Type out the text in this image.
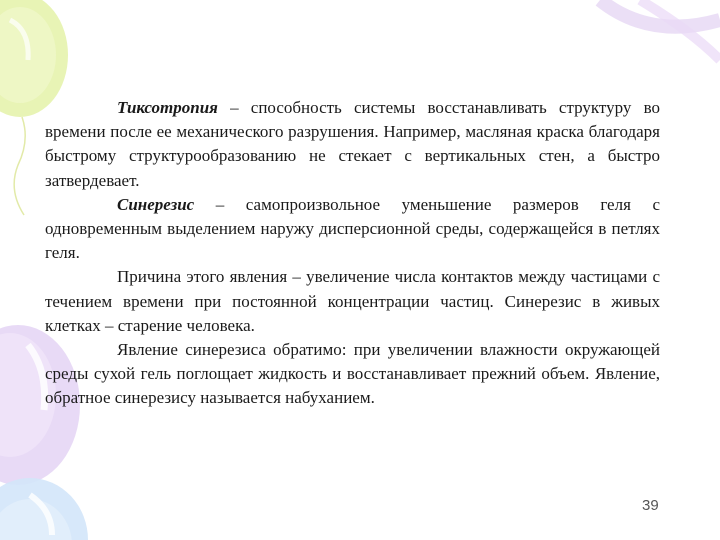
Тиксотропия – способность системы восстанавливать структуру во времени после ее механического разрушения. Например, масляная краска благодаря быстрому структурообразованию не стекает с вертикальных стен, а быстро затвердевает.

Синерезис – самопроизвольное уменьшение размеров геля с одновременным выделением наружу дисперсионной среды, содержащейся в петлях геля.

Причина этого явления – увеличение числа контактов между частицами с течением времени при постоянной концентрации частиц. Синерезис в живых клетках – старение человека.

Явление синерезиса обратимо: при увеличении влажности окружающей среды сухой гель поглощает жидкость и восстанавливает прежний объем. Явление, обратное синерезису называется набуханием.

39
